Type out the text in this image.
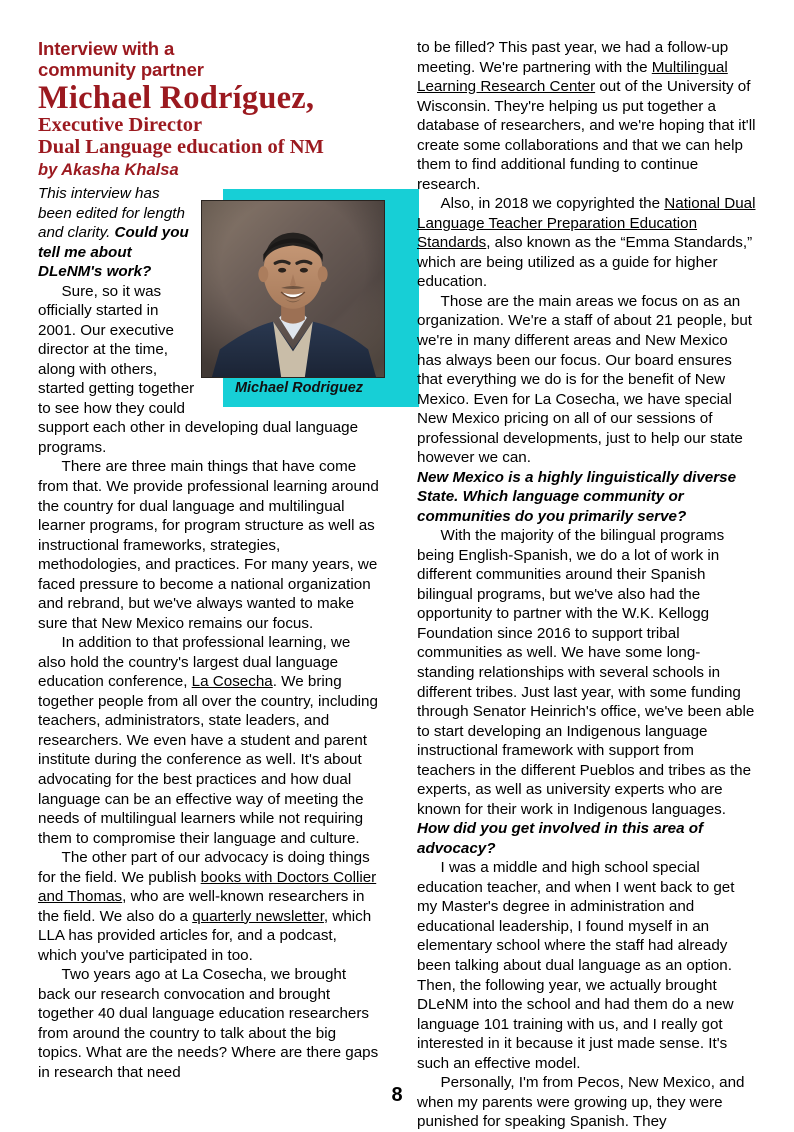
Interview with a
community partner
Michael Rodríguez,
Executive Director
Dual Language education of NM
by Akasha Khalsa
Michael Rodriguez

This interview has been edited for length and clarity. Could you tell me about DLeNM's work?

Sure, so it was officially started in 2001. Our executive director at the time, along with others, started getting together to see how they could support each other in developing dual language programs.

There are three main things that have come from that. We provide professional learning around the country for dual language and multilingual learner programs, for program structure as well as instructional frameworks, strategies, methodologies, and practices. For many years, we faced pressure to become a national organization and rebrand, but we've always wanted to make sure that New Mexico remains our focus.

In addition to that professional learning, we also hold the country's largest dual language education conference, La Cosecha. We bring together people from all over the country, including teachers, administrators, state leaders, and researchers. We even have a student and parent institute during the conference as well. It's about advocating for the best practices and how dual language can be an effective way of meeting the needs of multilingual learners while not requiring them to compromise their language and culture.

The other part of our advocacy is doing things for the field. We publish books with Doctors Collier and Thomas, who are well-known researchers in the field. We also do a quarterly newsletter, which LLA has provided articles for, and a podcast, which you've participated in too.

Two years ago at La Cosecha, we brought back our research convocation and brought together 40 dual language education researchers from around the country to talk about the big topics. What are the needs? Where are there gaps in research that need

to be filled? This past year, we had a follow-up meeting. We're partnering with the Multilingual Learning Research Center out of the University of Wisconsin. They're helping us put together a database of researchers, and we're hoping that it'll create some collaborations and that we can help them to find additional funding to continue research.

Also, in 2018 we copyrighted the National Dual Language Teacher Preparation Education Standards, also known as the “Emma Standards,” which are being utilized as a guide for higher education.

Those are the main areas we focus on as an organization. We're a staff of about 21 people, but we're in many different areas and New Mexico has always been our focus. Our board ensures that everything we do is for the benefit of New Mexico. Even for La Cosecha, we have special New Mexico pricing on all of our sessions of professional developments, just to help our state however we can.

New Mexico is a highly linguistically diverse State. Which language community or communities do you primarily serve?

With the majority of the bilingual programs being English-Spanish, we do a lot of work in different communities around their Spanish bilingual programs, but we've also had the opportunity to partner with the W.K. Kellogg Foundation since 2016 to support tribal communities as well. We have some long-standing relationships with several schools in different tribes. Just last year, with some funding through Senator Heinrich's office, we've been able to start developing an Indigenous language instructional framework with support from teachers in the different Pueblos and tribes as the experts, as well as university experts who are known for their work in Indigenous languages.

How did you get involved in this area of advocacy?

I was a middle and high school special education teacher, and when I went back to get my Master's degree in administration and educational leadership, I found myself in an elementary school where the staff had already been talking about dual language as an option. Then, the following year, we actually brought DLeNM into the school and had them do a new language 101 training with us, and I really got interested in it because it just made sense. It's such an effective model.

Personally, I'm from Pecos, New Mexico, and when my parents were growing up, they were punished for speaking Spanish. They

8
